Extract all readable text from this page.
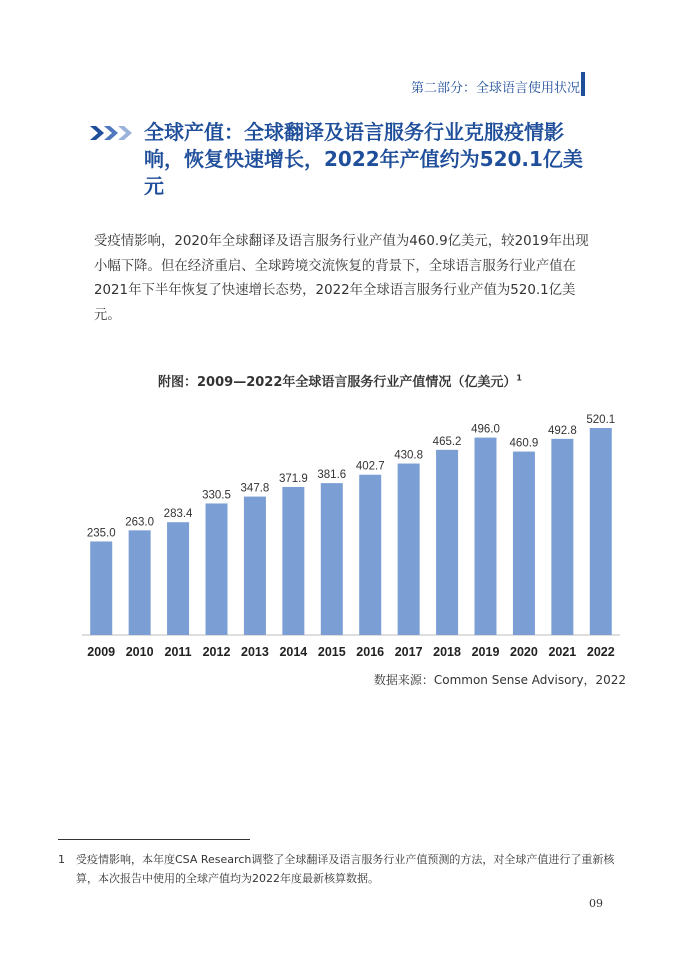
第二部分：全球语言使用状况
全球产值：全球翻译及语言服务行业克服疫情影响，恢复快速增长，2022年产值约为520.1亿美元
受疫情影响，2020年全球翻译及语言服务行业产值为460.9亿美元，较2019年出现小幅下降。但在经济重启、全球跨境交流恢复的背景下，全球语言服务行业产值在2021年下半年恢复了快速增长态势，2022年全球语言服务行业产值为520.1亿美元。
附图：2009—2022年全球语言服务行业产值情况（亿美元）$^1$
235.0
2009
263.0
2010
283.4
2011
330.5
2012
347.8
2013
371.9
2014
381.6
2015
402.7
2016
430.8
2017
465.2
2018
496.0
2019
460.9
2020
492.8
2021
520.1
2022
数据来源：Common Sense Advisory，2022
1 受疫情影响，本年度CSA Research调整了全球翻译及语言服务行业产值预测的方法，对全球产值进行了重新核算，本次报告中使用的全球产值均为2022年度最新核算数据。
09
